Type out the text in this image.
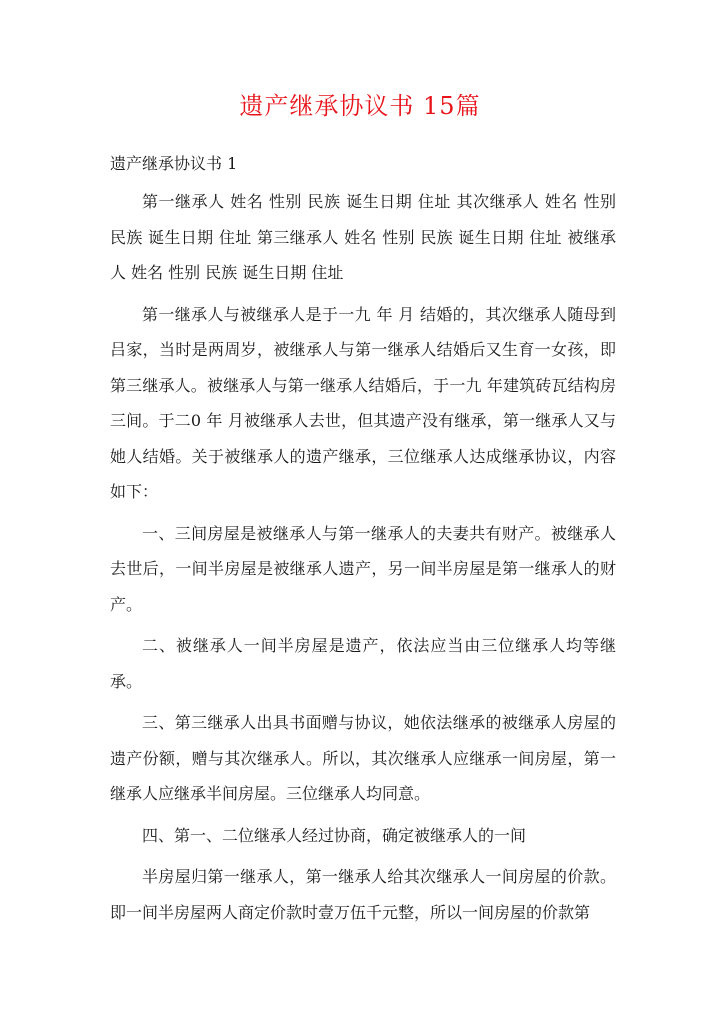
遗产继承协议书 15篇

遗产继承协议书 1

第一继承人 姓名 性别 民族 诞生日期 住址 其次继承人 姓名 性别 民族 诞生日期 住址 第三继承人 姓名 性别 民族 诞生日期 住址 被继承人 姓名 性别 民族 诞生日期 住址

第一继承人与被继承人是于一九 年 月 结婚的，其次继承人随母到吕家，当时是两周岁，被继承人与第一继承人结婚后又生育一女孩，即第三继承人。被继承人与第一继承人结婚后，于一九 年建筑砖瓦结构房三间。于二0 年 月被继承人去世，但其遗产没有继承，第一继承人又与她人结婚。关于被继承人的遗产继承，三位继承人达成继承协议，内容如下：

一、三间房屋是被继承人与第一继承人的夫妻共有财产。被继承人去世后，一间半房屋是被继承人遗产，另一间半房屋是第一继承人的财产。

二、被继承人一间半房屋是遗产，依法应当由三位继承人均等继承。

三、第三继承人出具书面赠与协议，她依法继承的被继承人房屋的遗产份额，赠与其次继承人。所以，其次继承人应继承一间房屋，第一继承人应继承半间房屋。三位继承人均同意。

四、第一、二位继承人经过协商，确定被继承人的一间

半房屋归第一继承人，第一继承人给其次继承人一间房屋的价款。即一间半房屋两人商定价款时壹万伍千元整，所以一间房屋的价款第
